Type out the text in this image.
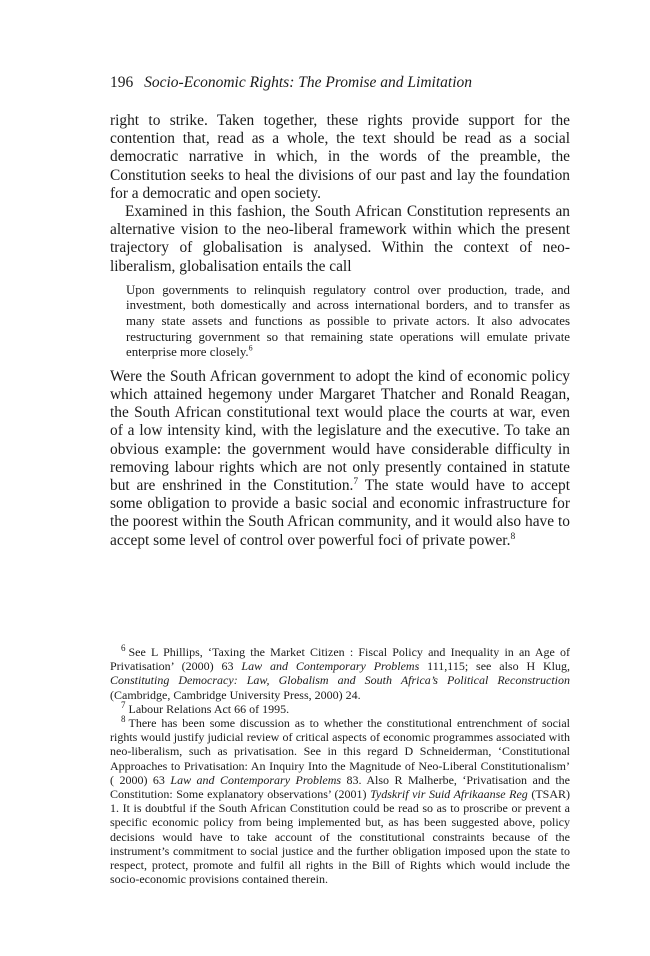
196 Socio-Economic Rights: The Promise and Limitation

right to strike. Taken together, these rights provide support for the contention that, read as a whole, the text should be read as a social democratic narrative in which, in the words of the preamble, the Constitution seeks to heal the divisions of our past and lay the foundation for a democratic and open society.

Examined in this fashion, the South African Constitution represents an alternative vision to the neo-liberal framework within which the present trajectory of globalisation is analysed. Within the context of neo-liberalism, globalisation entails the call

Upon governments to relinquish regulatory control over production, trade, and investment, both domestically and across international borders, and to transfer as many state assets and functions as possible to private actors. It also advocates restructuring government so that remaining state operations will emulate private enterprise more closely.$^6$

Were the South African government to adopt the kind of economic policy which attained hegemony under Margaret Thatcher and Ronald Reagan, the South African constitutional text would place the courts at war, even of a low intensity kind, with the legislature and the executive. To take an obvious example: the government would have considerable difficulty in removing labour rights which are not only presently contained in statute but are enshrined in the Constitution.$^7$ The state would have to accept some obligation to provide a basic social and economic infrastructure for the poorest within the South African community, and it would also have to accept some level of control over powerful foci of private power.$^8$

$^6$ See L Phillips, ‘Taxing the Market Citizen : Fiscal Policy and Inequality in an Age of Privatisation’ (2000) 63 Law and Contemporary Problems 111,115; see also H Klug, Constituting Democracy: Law, Globalism and South Africa’s Political Reconstruction (Cambridge, Cambridge University Press, 2000) 24.

$^7$ Labour Relations Act 66 of 1995.

$^8$ There has been some discussion as to whether the constitutional entrenchment of social rights would justify judicial review of critical aspects of economic programmes associated with neo-liberalism, such as privatisation. See in this regard D Schneiderman, ‘Constitutional Approaches to Privatisation: An Inquiry Into the Magnitude of Neo-Liberal Constitutionalism’ ( 2000) 63 Law and Contemporary Problems 83. Also R Malherbe, ‘Privatisation and the Constitution: Some explanatory observations’ (2001) Tydskrif vir Suid Afrikaanse Reg (TSAR) 1. It is doubtful if the South African Constitution could be read so as to proscribe or prevent a specific economic policy from being implemented but, as has been suggested above, policy decisions would have to take account of the constitutional constraints because of the instrument’s commitment to social justice and the further obligation imposed upon the state to respect, protect, promote and fulfil all rights in the Bill of Rights which would include the socio-economic provisions contained therein.
